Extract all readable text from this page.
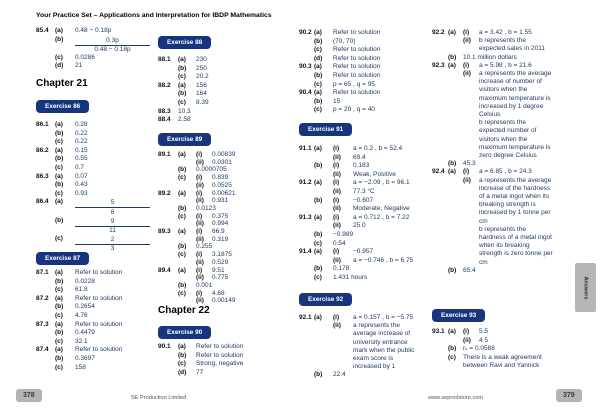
Your Practice Set – Applications and Interpretation for IBDP Mathematics
85.4 (a)	0.48 − 0.18p
(b)	0.3p
0.48 − 0.18p
(c)	0.0286
(d)	21
Chapter 21
Exercise 86
86.1 (a)	0.28
(b)	0.22
(c)	0.22
86.2 (a)	0.15
(b)	0.55
(c)	0.7
86.3 (a)	0.07
(b)	0.43
(c)	0.93
86.4 (a)	5
6
(b)	9
11
(c)	2
3
Exercise 87
87.1 (a)	Refer to solution
(b)	0.0228
(c)	61.8
87.2 (a)	Refer to solution
(b)	0.2654
(c)	4.76
87.3 (a)	Refer to solution
(b)	0.4479
(c)	32.1
87.4 (a)	Refer to solution
(b)	0.3697
(c)	158
Exercise 88
88.1	(a)	230
(b)	250
(c)	20.2
88.2	(a)	156
(b)	164
(c)	8.39
88.3	10.3
88.4	2.58
Exercise 89
89.1	(a)	(i)	0.00839
(ii)	0.0301
(b)	0.0000705
(c)	(i)	0.839
(ii)	0.0525
89.2	(a)	(i)	0.00621
(ii)	0.931
(b)	0.0123
(c)	(i)	0.375
(ii)	0.994
89.3	(a)	(i)	66.9
(ii)	0.319
(b)	0.255
(c)	(i)	3.1875
(ii)	0.529
89.4	(a)	(i)	9.51
(ii)	0.775
(b)	0.001
(c)	(i)	4.68
(ii)	0.00149
Chapter 22
Exercise 90
90.1	(a)	Refer to solution
(b)	Refer to solution
(c)	Strong, negative
(d)	77
90.2 (a)	Refer to solution
(b)	(70, 70)
(c)	Refer to solution
(d)	Refer to solution
90.3 (a)	Refer to solution
(b)	Refer to solution
(c)	p = 65 , q = 95
90.4 (a)	Refer to solution
(b)	15
(c)	p = 20 , q = 40
Exercise 91
91.1 (a)	(i)	a = 0.2 , b = 52.4
(ii)	69.4
(b)	(i)	0.183
(ii)	Weak, Positive
91.2 (a)	(i)	a = −2.09 , b = 96.1
(ii)	77.3 °C
(b)	(i)	−0.607
(ii)	Moderate, Negative
91.3 (a)	(i)	a = 0.712 , b = 7.22
(ii)	25.0
(b)	−0.989
(c)	0.54
91.4 (a)	(i)	−0.957
(ii)	a = −0.746 , b = 6.75
(b)	0.178
(c)	1.431 hours
Exercise 92
92.1 (a)	(i)	a = 0.157 , b = −5.75
(ii)	a represents the average increase of university entrance mark when the public exam score is increased by 1
(b)	22.4
92.2 (a)	(i)	a = 3.42 , b = 1.55
(ii)	b represents the expected sales in 2011
(b)	10.1 million dollars
92.3 (a)	(i)	a = 5.98 , b = 21.6
(ii)	a represents the average increase of number of visitors when the maximum temperature is increased by 1 degree Celsius
b represents the expected number of visitors when the maximum temperature is zero degree Celsius
(b)	45.3
92.4 (a)	(i)	a = 6.85 , b = 24.3
(ii)	a represents the average increase of the hardness of a metal ingot when its breaking strength is increased by 1 tonne per cm
b represents the hardness of a metal ingot when its breaking strength is zero tonne per cm
(b)	65.4
Exercise 93
93.1 (a)	(i)	5.5
(ii)	4.5
(b)	rₛ = 0.0588
(c)	There is a weak agreement between Ravi and Yannick
Answers
378	379
SE Production Limited	www.seprodstore.com
